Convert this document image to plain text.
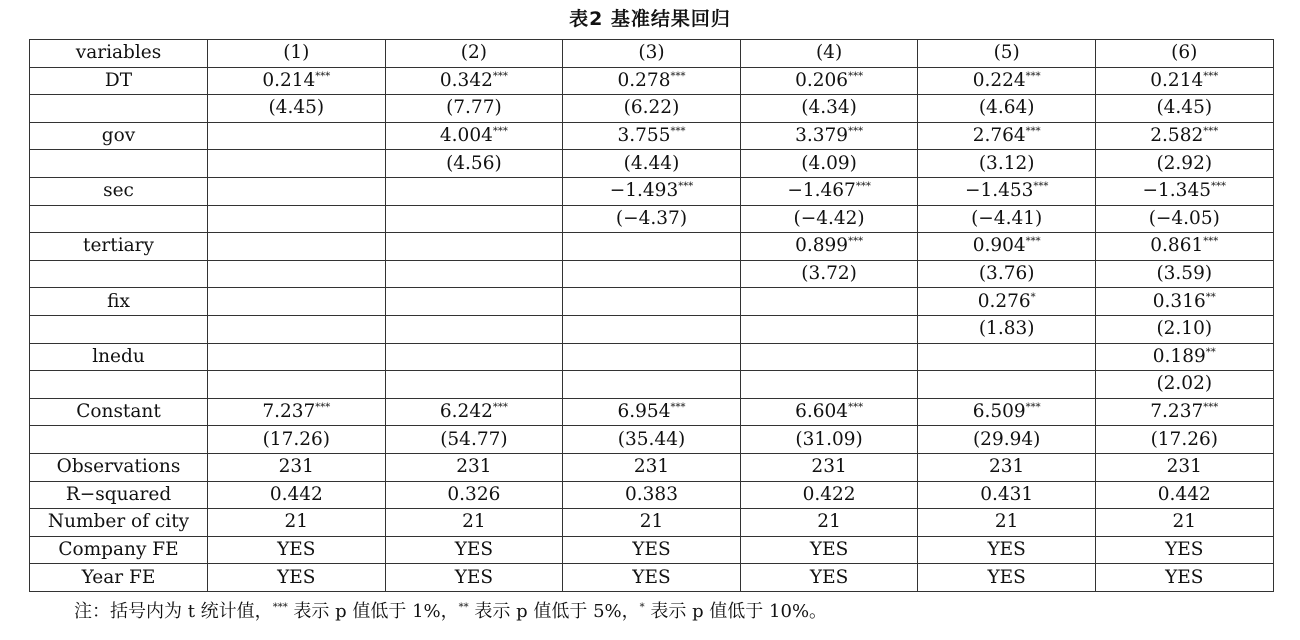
表2 基准结果回归
variables	(1)	(2)	(3)	(4)	(5)	(6)
DT	0.214***	0.342***	0.278***	0.206***	0.224***	0.214***
	(4.45)	(7.77)	(6.22)	(4.34)	(4.64)	(4.45)
gov		4.004***	3.755***	3.379***	2.764***	2.582***
		(4.56)	(4.44)	(4.09)	(3.12)	(2.92)
sec			−1.493***	−1.467***	−1.453***	−1.345***
			(−4.37)	(−4.42)	(−4.41)	(−4.05)
tertiary				0.899***	0.904***	0.861***
				(3.72)	(3.76)	(3.59)
fix					0.276*	0.316**
					(1.83)	(2.10)
lnedu						0.189**
						(2.02)
Constant	7.237***	6.242***	6.954***	6.604***	6.509***	7.237***
	(17.26)	(54.77)	(35.44)	(31.09)	(29.94)	(17.26)
Observations	231	231	231	231	231	231
R−squared	0.442	0.326	0.383	0.422	0.431	0.442
Number of city	21	21	21	21	21	21
Company FE	YES	YES	YES	YES	YES	YES
Year FE	YES	YES	YES	YES	YES	YES
注：括号内为 t 统计值，*** 表示 p 值低于 1%，** 表示 p 值低于 5%，* 表示 p 值低于 10%。
